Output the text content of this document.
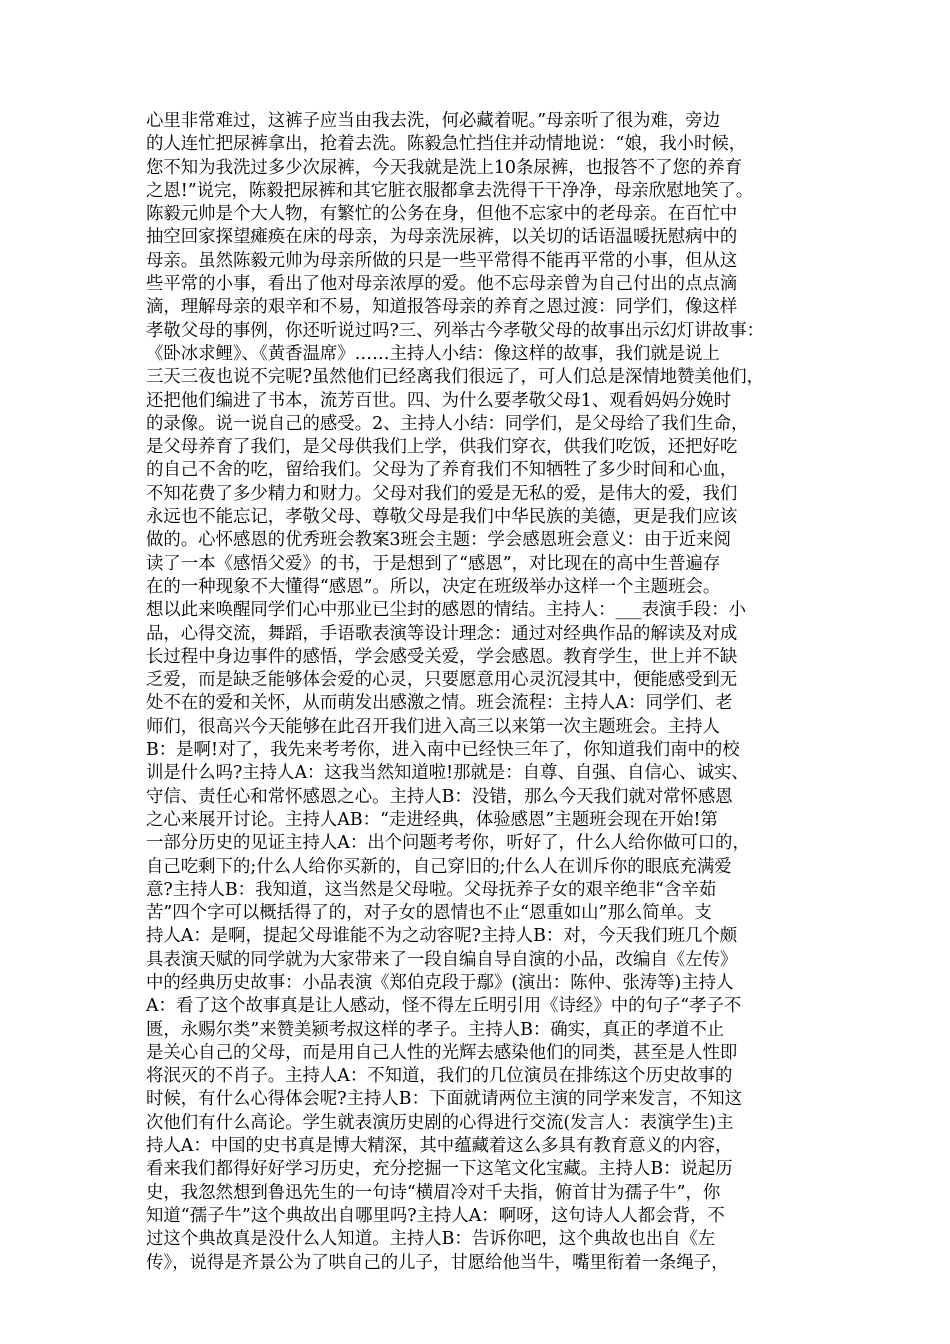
心里非常难过，这裤子应当由我去洗，何必藏着呢。”母亲听了很为难，旁边
的人连忙把尿裤拿出，抢着去洗。陈毅急忙挡住并动情地说：“娘，我小时候，
您不知为我洗过多少次尿裤，今天我就是洗上10条尿裤，也报答不了您的养育
之恩!”说完，陈毅把尿裤和其它脏衣服都拿去洗得干干净净，母亲欣慰地笑了。
陈毅元帅是个大人物，有繁忙的公务在身，但他不忘家中的老母亲。在百忙中
抽空回家探望瘫痪在床的母亲，为母亲洗尿裤，以关切的话语温暖抚慰病中的
母亲。虽然陈毅元帅为母亲所做的只是一些平常得不能再平常的小事，但从这
些平常的小事，看出了他对母亲浓厚的爱。他不忘母亲曾为自己付出的点点滴
滴，理解母亲的艰辛和不易，知道报答母亲的养育之恩过渡：同学们，像这样
孝敬父母的事例，你还听说过吗?三、列举古今孝敬父母的故事出示幻灯讲故事：
《卧冰求鲤》、《黄香温席》……主持人小结：像这样的故事，我们就是说上
三天三夜也说不完呢?虽然他们已经离我们很远了，可人们总是深情地赞美他们，
还把他们编进了书本，流芳百世。四、为什么要孝敬父母1、观看妈妈分娩时
的录像。说一说自己的感受。2、主持人小结：同学们，是父母给了我们生命，
是父母养育了我们，是父母供我们上学，供我们穿衣，供我们吃饭，还把好吃
的自己不舍的吃，留给我们。父母为了养育我们不知牺牲了多少时间和心血，
不知花费了多少精力和财力。父母对我们的爱是无私的爱，是伟大的爱，我们
永远也不能忘记，孝敬父母、尊敬父母是我们中华民族的美德，更是我们应该
做的。心怀感恩的优秀班会教案3班会主题：学会感恩班会意义：由于近来阅
读了一本《感悟父爱》的书，于是想到了“感恩”，对比现在的高中生普遍存
在的一种现象不大懂得“感恩”。所以，决定在班级举办这样一个主题班会。
想以此来唤醒同学们心中那业已尘封的感恩的情结。主持人：___表演手段：小
品，心得交流，舞蹈，手语歌表演等设计理念：通过对经典作品的解读及对成
长过程中身边事件的感悟，学会感受关爱，学会感恩。教育学生，世上并不缺
乏爱，而是缺乏能够体会爱的心灵，只要愿意用心灵沉浸其中，便能感受到无
处不在的爱和关怀，从而萌发出感激之情。班会流程：主持人A：同学们、老
师们，很高兴今天能够在此召开我们进入高三以来第一次主题班会。主持人
B：是啊!对了，我先来考考你，进入南中已经快三年了，你知道我们南中的校
训是什么吗?主持人A：这我当然知道啦!那就是：自尊、自强、自信心、诚实、
守信、责任心和常怀感恩之心。主持人B：没错，那么今天我们就对常怀感恩
之心来展开讨论。主持人AB：“走进经典，体验感恩”主题班会现在开始!第
一部分历史的见证主持人A：出个问题考考你，听好了，什么人给你做可口的，
自己吃剩下的;什么人给你买新的，自己穿旧的;什么人在训斥你的眼底充满爱
意?主持人B：我知道，这当然是父母啦。父母抚养子女的艰辛绝非“含辛茹
苦”四个字可以概括得了的，对子女的恩情也不止“恩重如山”那么简单。支
持人A：是啊，提起父母谁能不为之动容呢?主持人B：对，今天我们班几个颇
具表演天赋的同学就为大家带来了一段自编自导自演的小品，改编自《左传》
中的经典历史故事：小品表演《郑伯克段于鄢》(演出：陈仲、张涛等)主持人
A：看了这个故事真是让人感动，怪不得左丘明引用《诗经》中的句子“孝子不
匮，永赐尔类”来赞美颍考叔这样的孝子。主持人B：确实，真正的孝道不止
是关心自己的父母，而是用自己人性的光辉去感染他们的同类，甚至是人性即
将泯灭的不肖子。主持人A：不知道，我们的几位演员在排练这个历史故事的
时候，有什么心得体会呢?主持人B：下面就请两位主演的同学来发言，不知这
次他们有什么高论。学生就表演历史剧的心得进行交流(发言人：表演学生)主
持人A：中国的史书真是博大精深，其中蕴藏着这么多具有教育意义的内容，
看来我们都得好好学习历史，充分挖掘一下这笔文化宝藏。主持人B：说起历
史，我忽然想到鲁迅先生的一句诗“横眉冷对千夫指，俯首甘为孺子牛”，你
知道“孺子牛”这个典故出自哪里吗?主持人A：啊呀，这句诗人人都会背，不
过这个典故真是没什么人知道。主持人B：告诉你吧，这个典故也出自《左
传》，说得是齐景公为了哄自己的儿子，甘愿给他当牛，嘴里衔着一条绳子，
